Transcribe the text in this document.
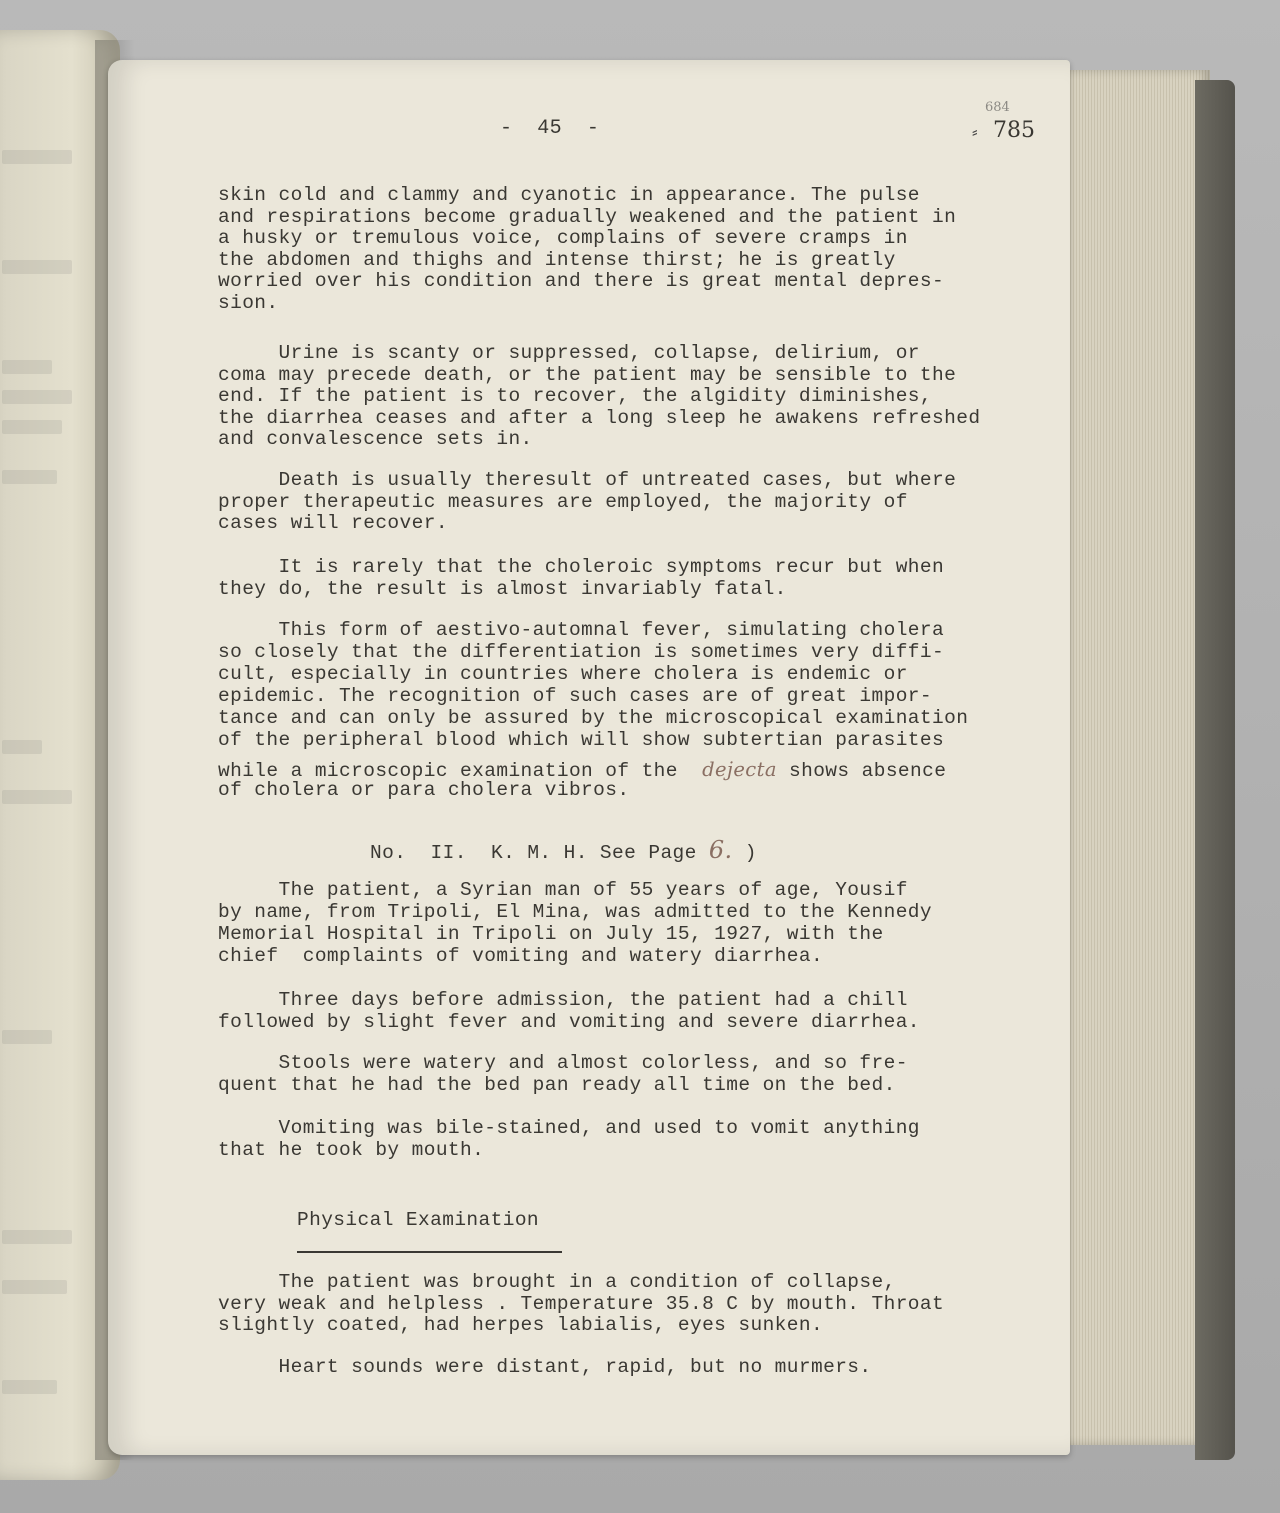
-  45  -	⸗
684
785
skin cold and clammy and cyanotic in appearance. The pulse
and respirations become gradually weakened and the patient in
a husky or tremulous voice, complains of severe cramps in
the abdomen and thighs and intense thirst; he is greatly
worried over his condition and there is great mental depres-
sion.
Urine is scanty or suppressed, collapse, delirium, or
coma may precede death, or the patient may be sensible to the
end. If the patient is to recover, the algidity diminishes,
the diarrhea ceases and after a long sleep he awakens refreshed
and convalescence sets in.
Death is usually theresult of untreated cases, but where
proper therapeutic measures are employed, the majority of
cases will recover.
It is rarely that the choleroic symptoms recur but when
they do, the result is almost invariably fatal.
This form of aestivo-automnal fever, simulating cholera
so closely that the differentiation is sometimes very diffi-
cult, especially in countries where cholera is endemic or
epidemic. The recognition of such cases are of great impor-
tance and can only be assured by the microscopical examination
of the peripheral blood which will show subtertian parasites
of cholera or para cholera vibros.
The patient was brought in a condition of collapse,
very weak and helpless . Temperature 35.8 C by mouth. Throat
slightly coated, had herpes labialis, eyes sunken.
Heart sounds were distant, rapid, but no murmers.
The patient, a Syrian man of 55 years of age, Yousif
by name, from Tripoli, El Mina, was admitted to the Kennedy
Memorial Hospital in Tripoli on July 15, 1927, with the
chief  complaints of vomiting and watery diarrhea.
Three days before admission, the patient had a chill
followed by slight fever and vomiting and severe diarrhea.
Stools were watery and almost colorless, and so fre-
quent that he had the bed pan ready all time on the bed.
Vomiting was bile-stained, and used to vomit anything
that he took by mouth.
while a microscopic examination of the dejecta shows absence
No.  II.  K. M. H. See Page 6. )
Physical Examination
